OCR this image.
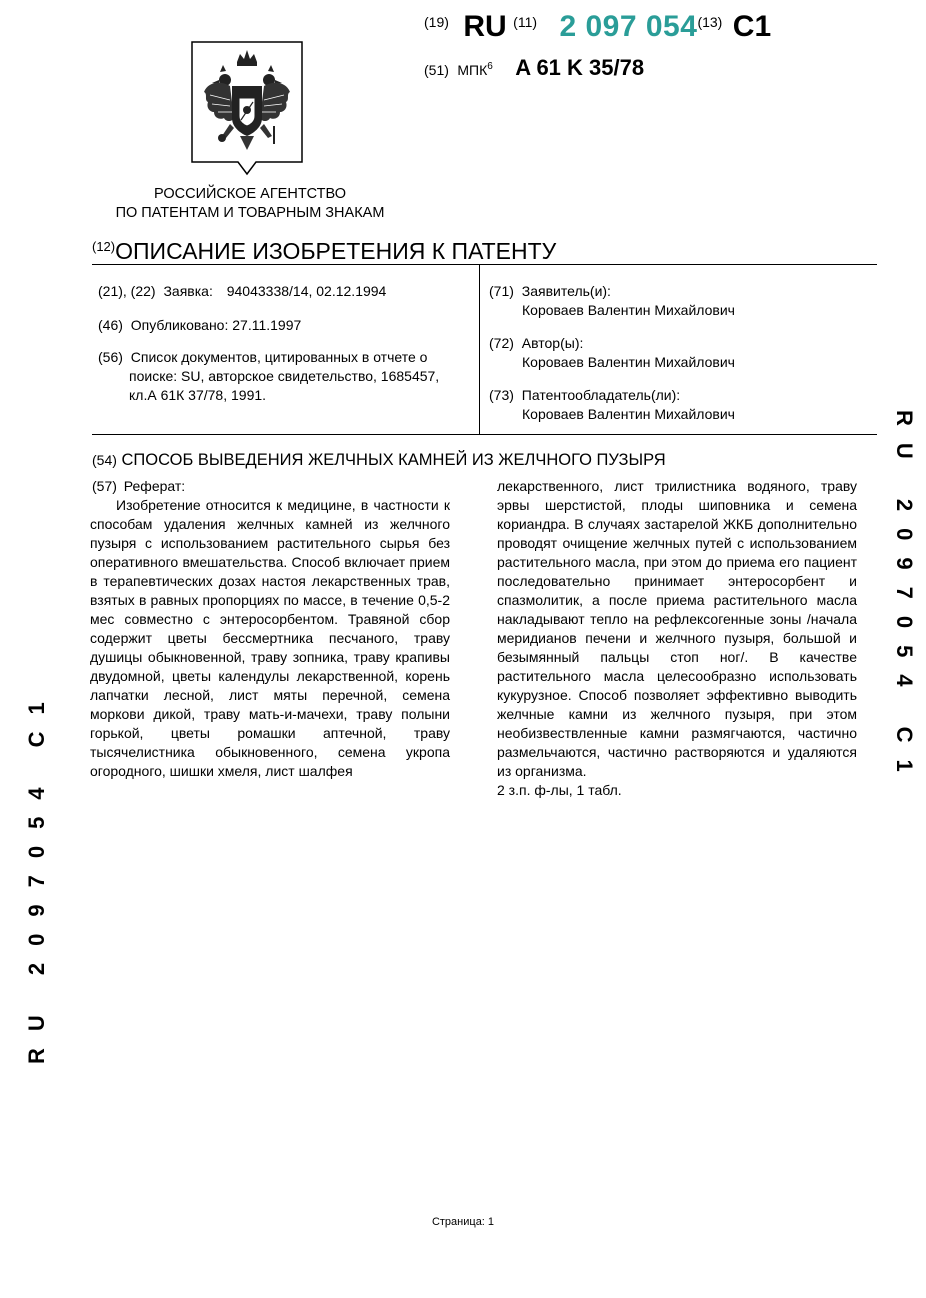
(19) RU (11) 2 097 054(13) C1
(51) МПК$^6$ A 61 K 35/78
РОССИЙСКОЕ АГЕНТСТВО
ПО ПАТЕНТАМ И ТОВАРНЫМ ЗНАКАМ
$^{(12)}$ОПИСАНИЕ ИЗОБРЕТЕНИЯ К ПАТЕНТУ
(21), (22) Заявка: 94043338/14, 02.12.1994
(46) Опубликовано: 27.11.1997
(56) Список документов, цитированных в отчете о
поиске: SU, авторское свидетельство, 1685457,
кл.А 61К 37/78, 1991.
(71) Заявитель(и):
Короваев Валентин Михайлович
(72) Автор(ы):
Короваев Валентин Михайлович
(73) Патентообладатель(ли):
Короваев Валентин Михайлович
(54) СПОСОБ ВЫВЕДЕНИЯ ЖЕЛЧНЫХ КАМНЕЙ ИЗ ЖЕЛЧНОГО ПУЗЫРЯ
(57) Реферат:

Изобретение относится к медицине, в частности к способам удаления желчных камней из желчного пузыря с использованием растительного сырья без оперативного вмешательства. Способ включает прием в терапевтических дозах настоя лекарственных трав, взятых в равных пропорциях по массе, в течение 0,5-2 мес совместно с энтеросорбентом. Травяной сбор содержит цветы бессмертника песчаного, траву душицы обыкновенной, траву зопника, траву крапивы двудомной, цветы календулы лекарственной, корень лапчатки лесной, лист мяты перечной, семена моркови дикой, траву мать-и-мачехи, траву полыни горькой, цветы ромашки аптечной, траву тысячелистника обыкновенного, семена укропа огородного, шишки хмеля, лист шалфея

лекарственного, лист трилистника водяного, траву эрвы шерстистой, плоды шиповника и семена кориандра. В случаях застарелой ЖКБ дополнительно проводят очищение желчных путей с использованием растительного масла, при этом до приема его пациент последовательно принимает энтеросорбент и спазмолитик, а после приема растительного масла накладывают тепло на рефлексогенные зоны /начала меридианов печени и желчного пузыря, большой и безымянный пальцы стоп ног/. В качестве растительного масла целесообразно использовать кукурузное. Способ позволяет эффективно выводить желчные камни из желчного пузыря, при этом необизвествленные камни размягчаются, частично размельчаются, частично растворяются и удаляются из организма.

2 з.п. ф-лы, 1 табл.

RU 2097054 C1
RU 2097054 C1
Страница: 1
